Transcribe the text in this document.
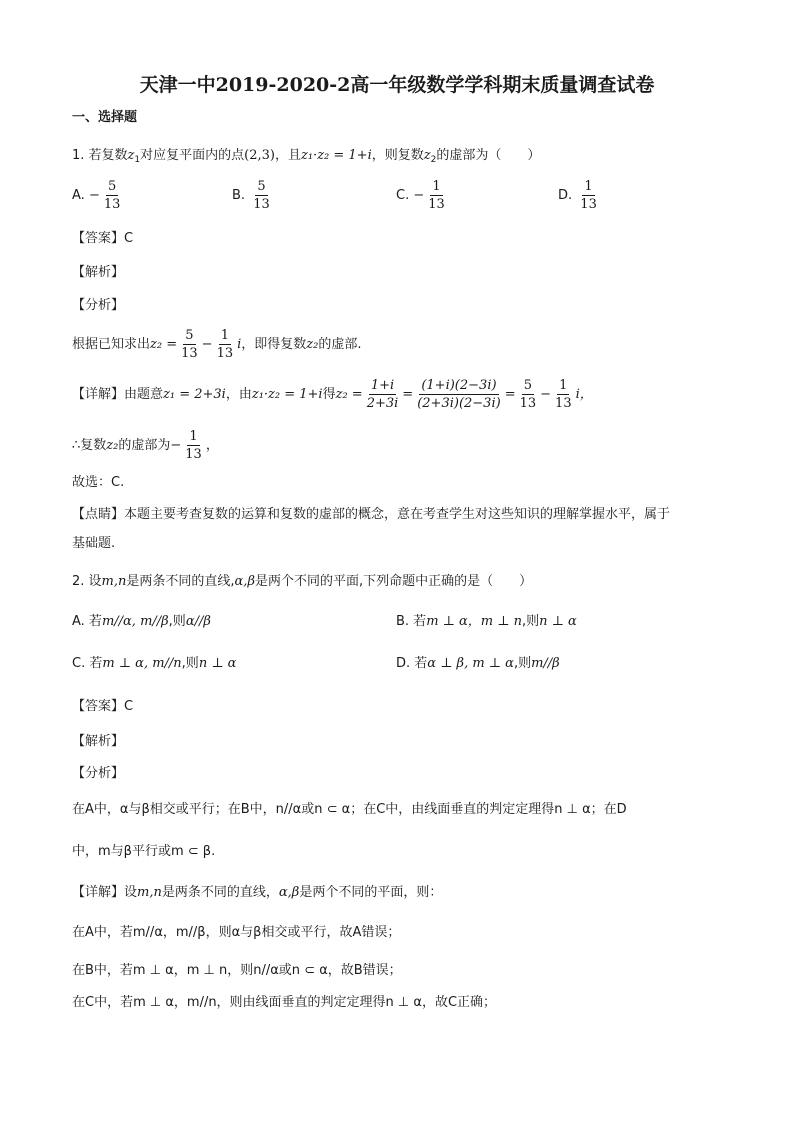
天津一中2019-2020-2高一年级数学学科期末质量调查试卷
一、选择题
1. 若复数$z_1$对应复平面内的点(2,3)，且z₁·z₂ = 1+i，则复数$z_2$的虚部为（　　）
A. − $\frac{5}{13}$	B. $\frac{5}{13}$	C. − $\frac{1}{13}$	D. $\frac{1}{13}$
【答案】C
【解析】
【分析】
根据已知求出$z_2 = \frac{5}{13} - \frac{1}{13}$ i，即得复数z₂的虚部.
【详解】由题意z₁ = 2+3i，由z₁·z₂ = 1+i得$z_2 = \frac{1+i}{2+3i} = \frac{(1+i)(2-3i)}{(2+3i)(2-3i)} = \frac{5}{13} - \frac{1}{13}$ i，
∴复数z₂的虚部为− $\frac{1}{13}$ ，
故选：C.
【点睛】本题主要考查复数的运算和复数的虚部的概念，意在考查学生对这些知识的理解掌握水平，属于
基础题.
2. 设m,n是两条不同的直线,α,β是两个不同的平面,下列命题中正确的是（　　）
A. 若m//α, m//β,则α//β	B. 若m ⊥ α，m ⊥ n,则n ⊥ α
C. 若m ⊥ α, m//n,则n ⊥ α	D. 若α ⊥ β, m ⊥ α,则m//β
【答案】C
【解析】
【分析】
在A中，α与β相交或平行；在B中，n//α或n ⊂ α；在C中，由线面垂直的判定定理得n ⊥ α；在D
中，m与β平行或m ⊂ β.
【详解】设m,n是两条不同的直线，α,β是两个不同的平面，则：
在A中，若m//α，m//β，则α与β相交或平行，故A错误；
在B中，若m ⊥ α，m ⊥ n，则n//α或n ⊂ α，故B错误；
在C中，若m ⊥ α，m//n，则由线面垂直的判定定理得n ⊥ α，故C正确；
